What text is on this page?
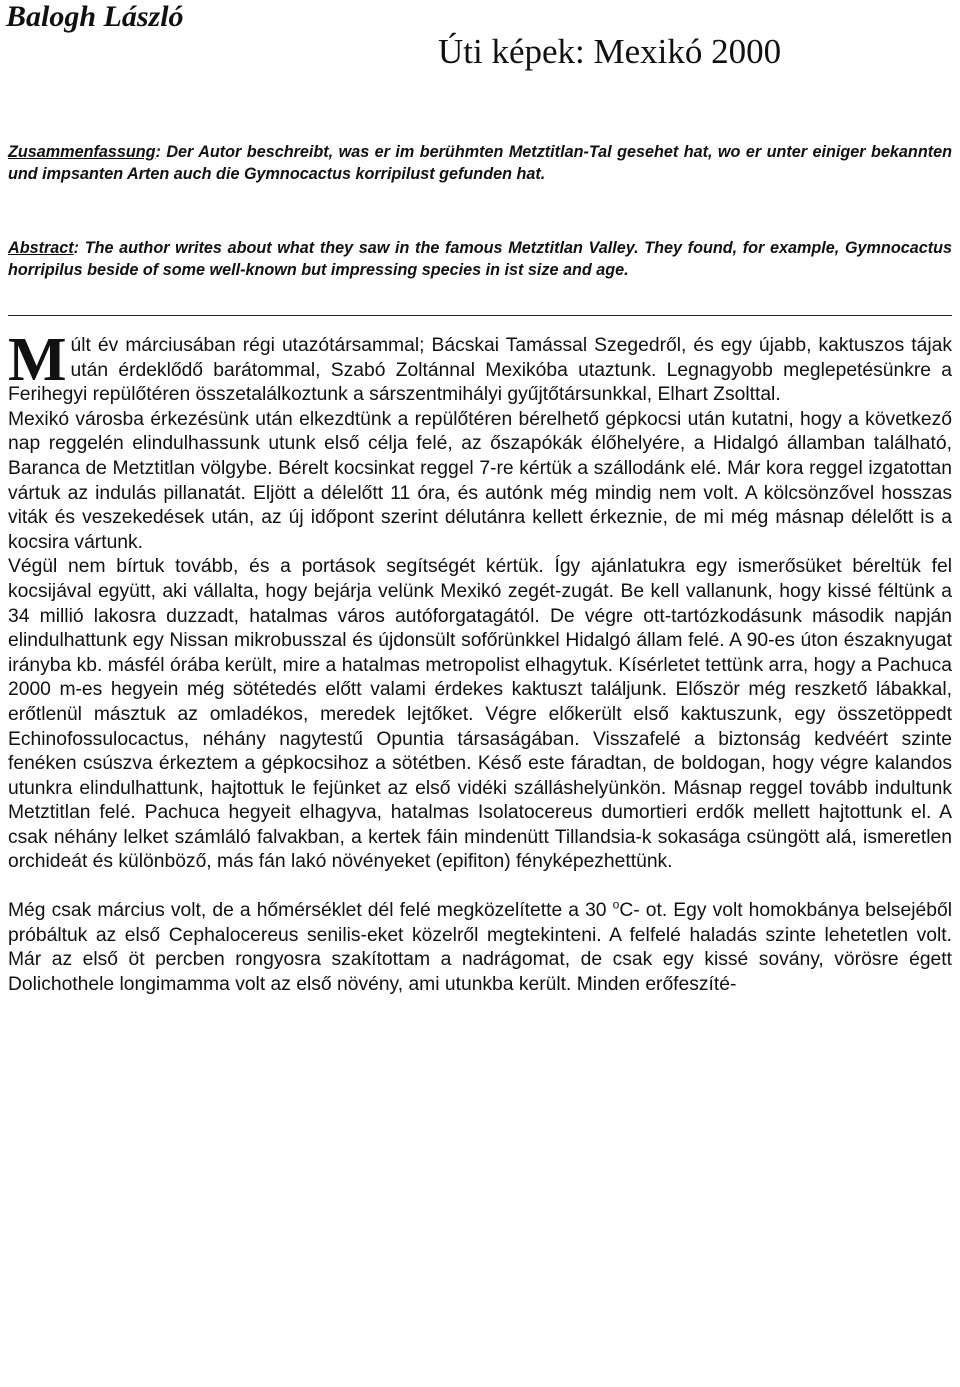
Balogh László
Úti képek: Mexikó 2000
Zusammenfassung: Der Autor beschreibt, was er im berühmten Metztitlan-Tal gesehet hat, wo er unter einiger bekannten und impsanten Arten auch die Gymnocactus korripilust gefunden hat.
Abstract: The author writes about what they saw in the famous Metztitlan Valley. They found, for example, Gymnocactus horripilus beside of some well-known but impressing species in ist size and age.

Múlt év márciusában régi utazótársammal; Bácskai Tamással Szegedről, és egy újabb, kaktuszos tájak után érdeklődő barátommal, Szabó Zoltánnal Mexikóba utaztunk. Legnagyobb meglepetésünkre a Ferihegyi repülőtéren összetalálkoztunk a sárszentmihályi gyűjtőtársunkkal, Elhart Zsolttal.

Mexikó városba érkezésünk után elkezdtünk a repülőtéren bérelhető gépkocsi után kutatni, hogy a következő nap reggelén elindulhassunk utunk első célja felé, az őszapókák élőhelyére, a Hidalgó államban található, Baranca de Metztitlan völgybe. Bérelt kocsinkat reggel 7-re kértük a szállodánk elé. Már kora reggel izgatottan vártuk az indulás pillanatát. Eljött a délelőtt 11 óra, és autónk még mindig nem volt. A kölcsönzővel hosszas viták és veszekedések után, az új időpont szerint délutánra kellett érkeznie, de mi még másnap délelőtt is a kocsira vártunk.

Végül nem bírtuk tovább, és a portások segítségét kértük. Így ajánlatukra egy ismerősüket béreltük fel kocsijával együtt, aki vállalta, hogy bejárja velünk Mexikó zegét-zugát. Be kell vallanunk, hogy kissé féltünk a 34 millió lakosra duzzadt, hatalmas város autóforgatagától. De végre ott-tartózkodásunk második napján elindulhattunk egy Nissan mikrobusszal és újdonsült sofőrünkkel Hidalgó állam felé. A 90-es úton északnyugat irányba kb. másfél órába került, mire a hatalmas metropolist elhagytuk. Kísérletet tettünk arra, hogy a Pachuca 2000 m-es hegyein még sötétedés előtt valami érdekes kaktuszt találjunk. Először még reszkető lábakkal, erőtlenül másztuk az omladékos, meredek lejtőket. Végre előkerült első kaktuszunk, egy összetöppedt Echinofossulocactus, néhány nagytestű Opuntia társaságában. Visszafelé a biztonság kedvéért szinte fenéken csúszva érkeztem a gépkocsihoz a sötétben. Késő este fáradtan, de boldogan, hogy végre kalandos utunkra elindulhattunk, hajtottuk le fejünket az első vidéki szálláshelyünkön. Másnap reggel tovább indultunk Metztitlan felé. Pachuca hegyeit elhagyva, hatalmas Isolatocereus dumortieri erdők mellett hajtottunk el. A csak néhány lelket számláló falvakban, a kertek fáin mindenütt Tillandsia-k sokasága csüngött alá, ismeretlen orchideát és különböző, más fán lakó növényeket (epifiton) fényképezhettünk.

Még csak március volt, de a hőmérséklet dél felé megközelítette a 30 $^o$C- ot. Egy volt homokbánya belsejéből próbáltuk az első Cephalocereus senilis-eket közelről megtekinteni. A felfelé haladás szinte lehetetlen volt. Már az első öt percben rongyosra szakítottam a nadrágomat, de csak egy kissé sovány, vörösre égett Dolichothele longimamma volt az első növény, ami utunkba került. Minden erőfeszíté-
